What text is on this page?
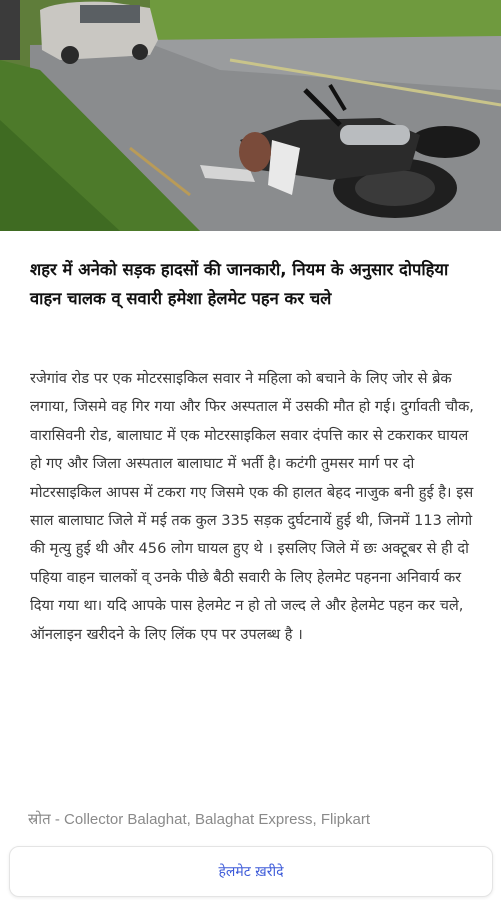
शहर में अनेको सड़क हादसों की जानकारी, नियम के अनुसार दोपहिया वाहन चालक व् सवारी हमेशा हेलमेट पहन कर चले
रजेगांव रोड पर एक मोटरसाइकिल सवार ने महिला को बचाने के लिए जोर से ब्रेक लगाया, जिसमे वह गिर गया और फिर अस्पताल में उसकी मौत हो गई। दुर्गावती चौक, वारासिवनी रोड, बालाघाट में एक मोटरसाइकिल सवार दंपत्ति कार से टकराकर घायल हो गए और जिला अस्पताल बालाघाट में भर्ती है। कटंगी तुमसर मार्ग पर दो मोटरसाइकिल आपस में टकरा गए जिसमे एक की हालत बेहद नाजुक बनी हुई है। इस साल बालाघाट जिले में मई तक कुल 335 सड़क दुर्घटनायें हुई थी, जिनमें 113 लोगो की मृत्यु हुई थी और 456 लोग घायल हुए थे । इसलिए जिले में छः अक्टूबर से ही दो पहिया वाहन चालकों व् उनके पीछे बैठी सवारी के लिए हेलमेट पहनना अनिवार्य कर दिया गया था। यदि आपके पास हेलमेट न हो तो जल्द ले और हेलमेट पहन कर चले, ऑनलाइन खरीदने के लिए लिंक एप पर उपलब्ध है ।
स्रोत - Collector Balaghat, Balaghat Express, Flipkart
हेलमेट ख़रीदे
